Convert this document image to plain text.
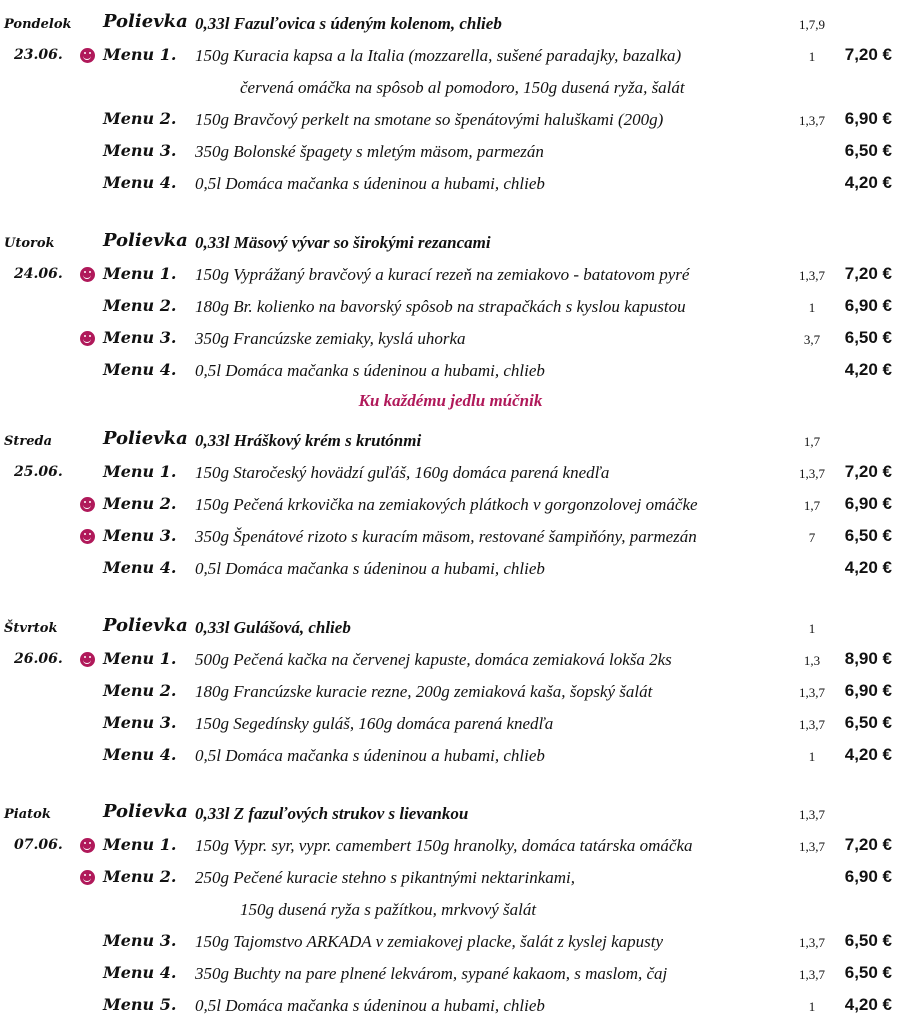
Pondelok Polievka 0,33l Fazuľovica s údeným kolenom, chlieb	1,7,9
23.06.	Menu 1. 150g Kuracia kapsa a la Italia (mozzarella, sušené paradajky, bazalka)	1	7,20 €
červená omáčka na spôsob al pomodoro, 150g dusená ryža, šalát
Menu 2. 150g Bravčový perkelt na smotane so špenátovými haluškami (200g)	1,3,7	6,90 €
Menu 3. 350g Bolonské špagety s mletým mäsom, parmezán	6,50 €
Menu 4. 0,5l Domáca mačanka s údeninou a hubami, chlieb	4,20 €
Utorok	Polievka 0,33l Mäsový vývar so širokými rezancami
24.06.	Menu 1. 150g Vyprážaný bravčový a kurací rezeň na zemiakovo - batatovom pyré	1,3,7	7,20 €
Menu 2. 180g Br. kolienko na bavorský spôsob na strapačkách s kyslou kapustou	1	6,90 €
Menu 3. 350g Francúzske zemiaky, kyslá uhorka	3,7	6,50 €
Menu 4. 0,5l Domáca mačanka s údeninou a hubami, chlieb	4,20 €
Ku každému jedlu múčnik
Streda	Polievka 0,33l Hráškový krém s krutónmi	1,7
25.06.	Menu 1. 150g Staročeský hovädzí guľáš, 160g domáca parená knedľa	1,3,7	7,20 €
Menu 2. 150g Pečená krkovička na zemiakových plátkoch v gorgonzolovej omáčke	1,7	6,90 €
Menu 3. 350g Špenátové rizoto s kuracím mäsom, restované šampiňóny, parmezán	7	6,50 €
Menu 4. 0,5l Domáca mačanka s údeninou a hubami, chlieb	4,20 €
Štvrtok	Polievka 0,33l Gulášová, chlieb	1
26.06.	Menu 1. 500g Pečená kačka na červenej kapuste, domáca zemiaková lokša 2ks	1,3	8,90 €
Menu 2. 180g Francúzske kuracie rezne, 200g zemiaková kaša, šopský šalát	1,3,7	6,90 €
Menu 3. 150g Segedínsky guláš, 160g domáca parená knedľa	1,3,7	6,50 €
Menu 4. 0,5l Domáca mačanka s údeninou a hubami, chlieb	1	4,20 €
Piatok	Polievka 0,33l Z fazuľových strukov s lievankou	1,3,7
07.06.	Menu 1. 150g Vypr. syr, vypr. camembert 150g hranolky, domáca tatárska omáčka	1,3,7	7,20 €
Menu 2. 250g Pečené kuracie stehno s pikantnými nektarinkami,	6,90 €
150g dusená ryža s pažítkou, mrkvový šalát
Menu 3. 150g Tajomstvo ARKADA v zemiakovej placke, šalát z kyslej kapusty	1,3,7	6,50 €
Menu 4. 350g Buchty na pare plnené lekvárom, sypané kakaom, s maslom, čaj	1,3,7	6,50 €
Menu 5. 0,5l Domáca mačanka s údeninou a hubami, chlieb	1	4,20 €
